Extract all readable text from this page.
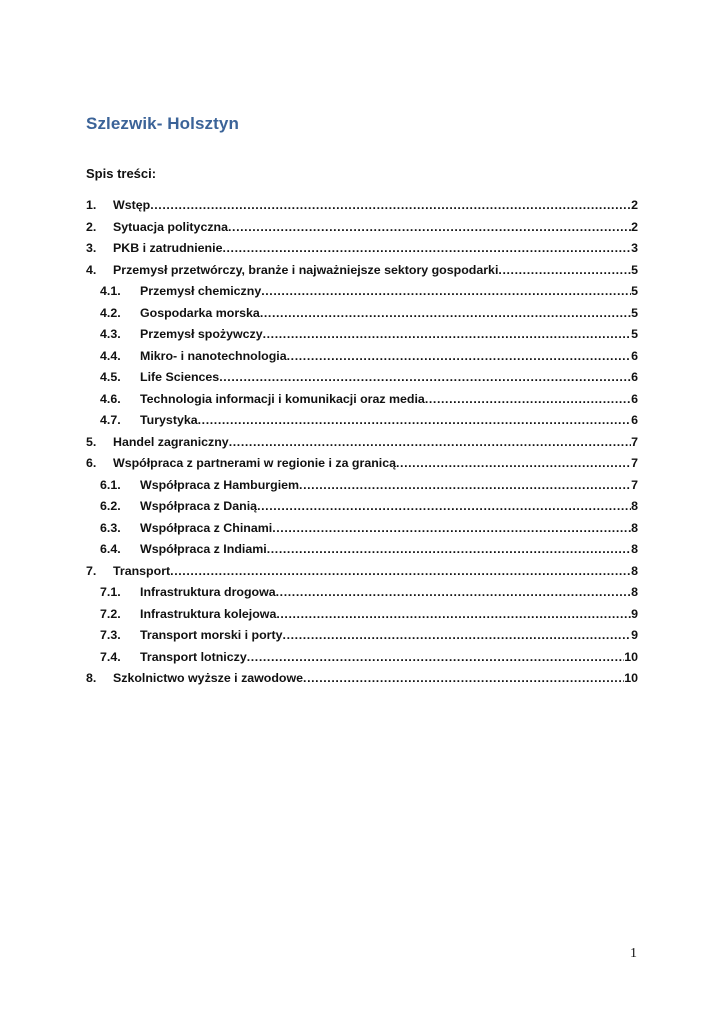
Szlezwik- Holsztyn
Spis treści:
1.	Wstęp .....	2
2.	Sytuacja polityczna .....	2
3.	PKB i zatrudnienie .....	3
4.	Przemysł przetwórczy, branże i najważniejsze sektory gospodarki .....	5
4.1.	Przemysł chemiczny .....	5
4.2.	Gospodarka morska .....	5
4.3.	Przemysł spożywczy .....	5
4.4.	Mikro- i nanotechnologia .....	6
4.5.	Life Sciences .....	6
4.6.	Technologia informacji i komunikacji oraz media .....	6
4.7.	Turystyka .....	6
5.	Handel zagraniczny .....	7
6.	Współpraca z partnerami w regionie i za granicą .....	7
6.1.	Współpraca z Hamburgiem .....	7
6.2.	Współpraca z Danią .....	8
6.3.	Współpraca z Chinami .....	8
6.4.	Współpraca z Indiami .....	8
7.	Transport .....	8
7.1.	Infrastruktura drogowa .....	8
7.2.	Infrastruktura kolejowa .....	9
7.3.	Transport morski i porty .....	9
7.4.	Transport lotniczy .....	10
8.	Szkolnictwo wyższe i zawodowe .....	10
1
